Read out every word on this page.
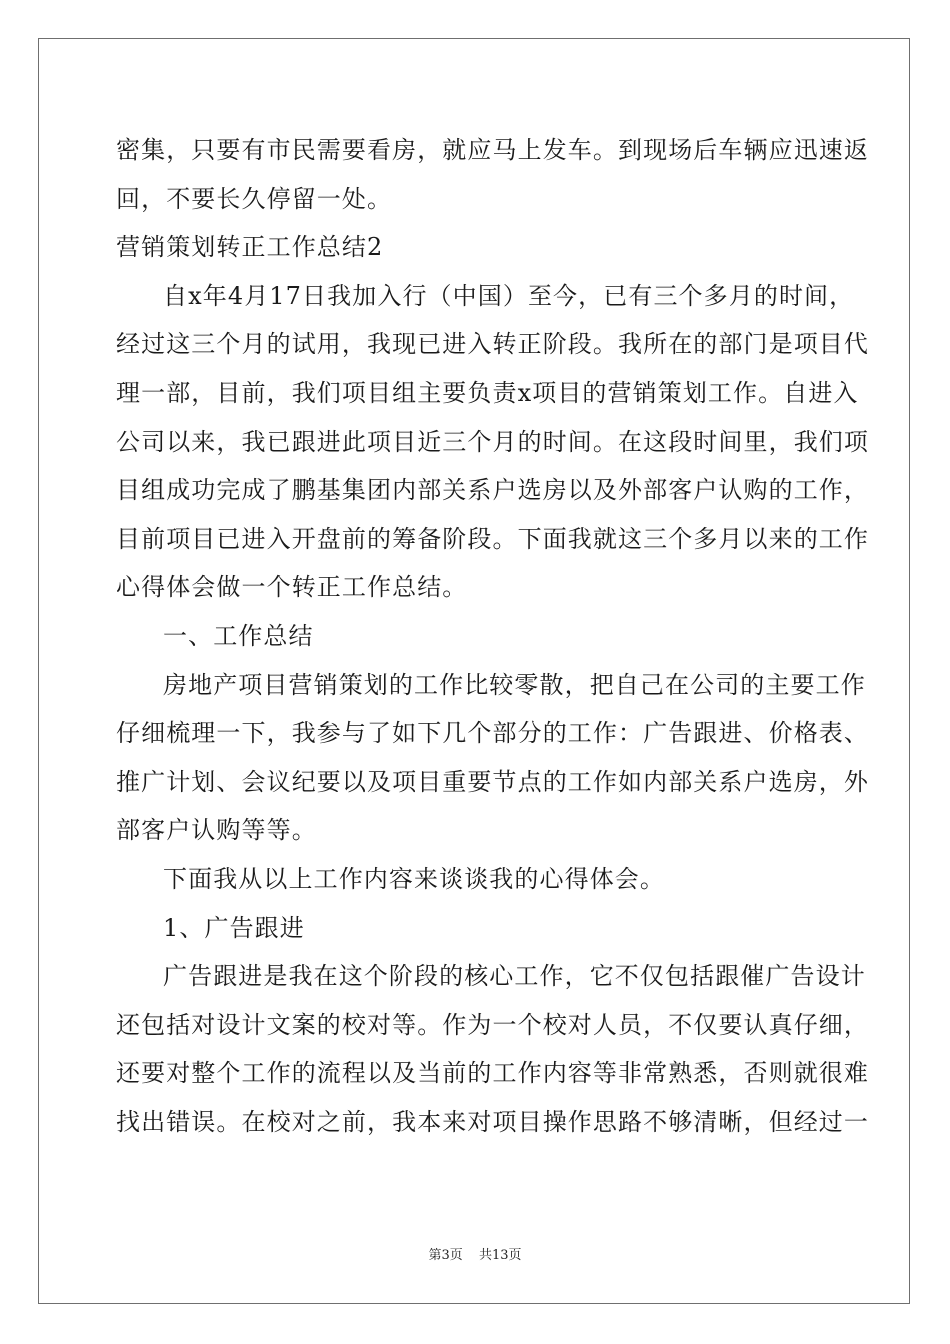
密集，只要有市民需要看房，就应马上发车。到现场后车辆应迅速返
回，不要长久停留一处。
营销策划转正工作总结2
自x年4月17日我加入行（中国）至今，已有三个多月的时间，
经过这三个月的试用，我现已进入转正阶段。我所在的部门是项目代
理一部，目前，我们项目组主要负责x项目的营销策划工作。自进入
公司以来，我已跟进此项目近三个月的时间。在这段时间里，我们项
目组成功完成了鹏基集团内部关系户选房以及外部客户认购的工作，
目前项目已进入开盘前的筹备阶段。下面我就这三个多月以来的工作
心得体会做一个转正工作总结。
一、工作总结
房地产项目营销策划的工作比较零散，把自己在公司的主要工作
仔细梳理一下，我参与了如下几个部分的工作：广告跟进、价格表、
推广计划、会议纪要以及项目重要节点的工作如内部关系户选房，外
部客户认购等等。
下面我从以上工作内容来谈谈我的心得体会。
1、广告跟进
广告跟进是我在这个阶段的核心工作，它不仅包括跟催广告设计
还包括对设计文案的校对等。作为一个校对人员，不仅要认真仔细，
还要对整个工作的流程以及当前的工作内容等非常熟悉，否则就很难
找出错误。在校对之前，我本来对项目操作思路不够清晰，但经过一
第3页 共13页
